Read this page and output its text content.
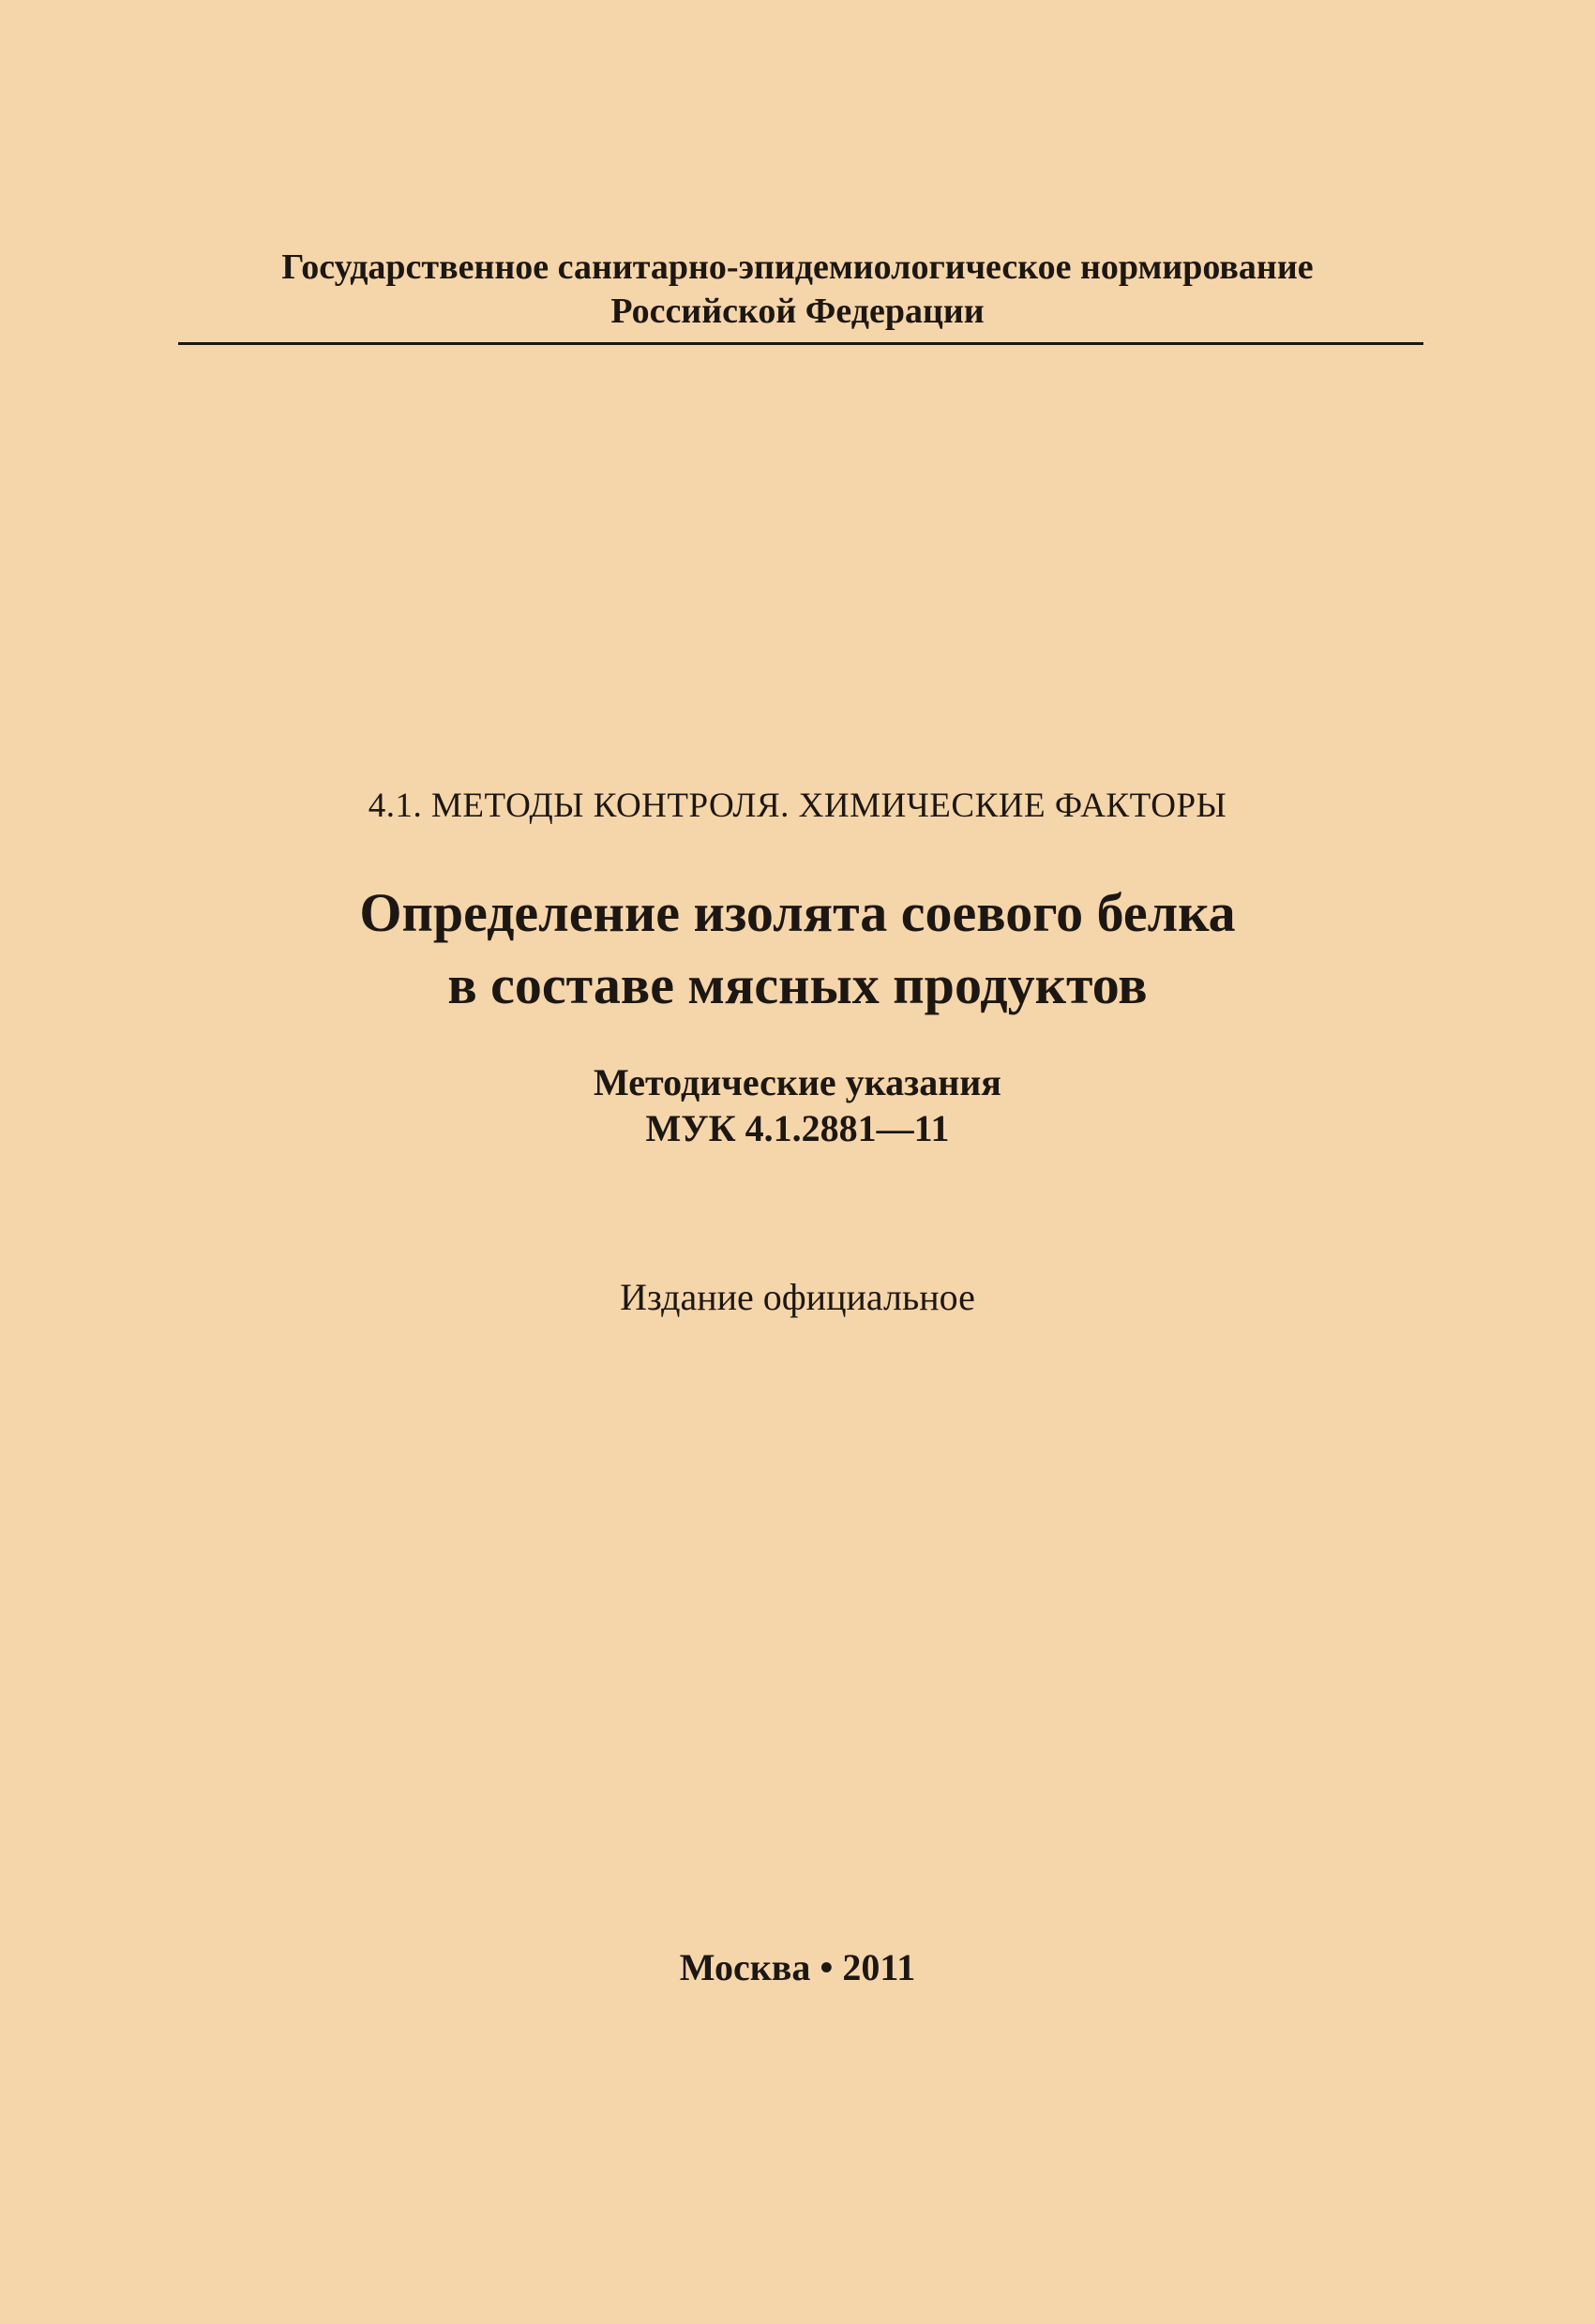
Государственное санитарно-эпидемиологическое нормирование
Российской Федерации
4.1. МЕТОДЫ КОНТРОЛЯ. ХИМИЧЕСКИЕ ФАКТОРЫ
Определение изолята соевого белка
в составе мясных продуктов
Методические указания
МУК 4.1.2881—11
Издание официальное
Москва • 2011
